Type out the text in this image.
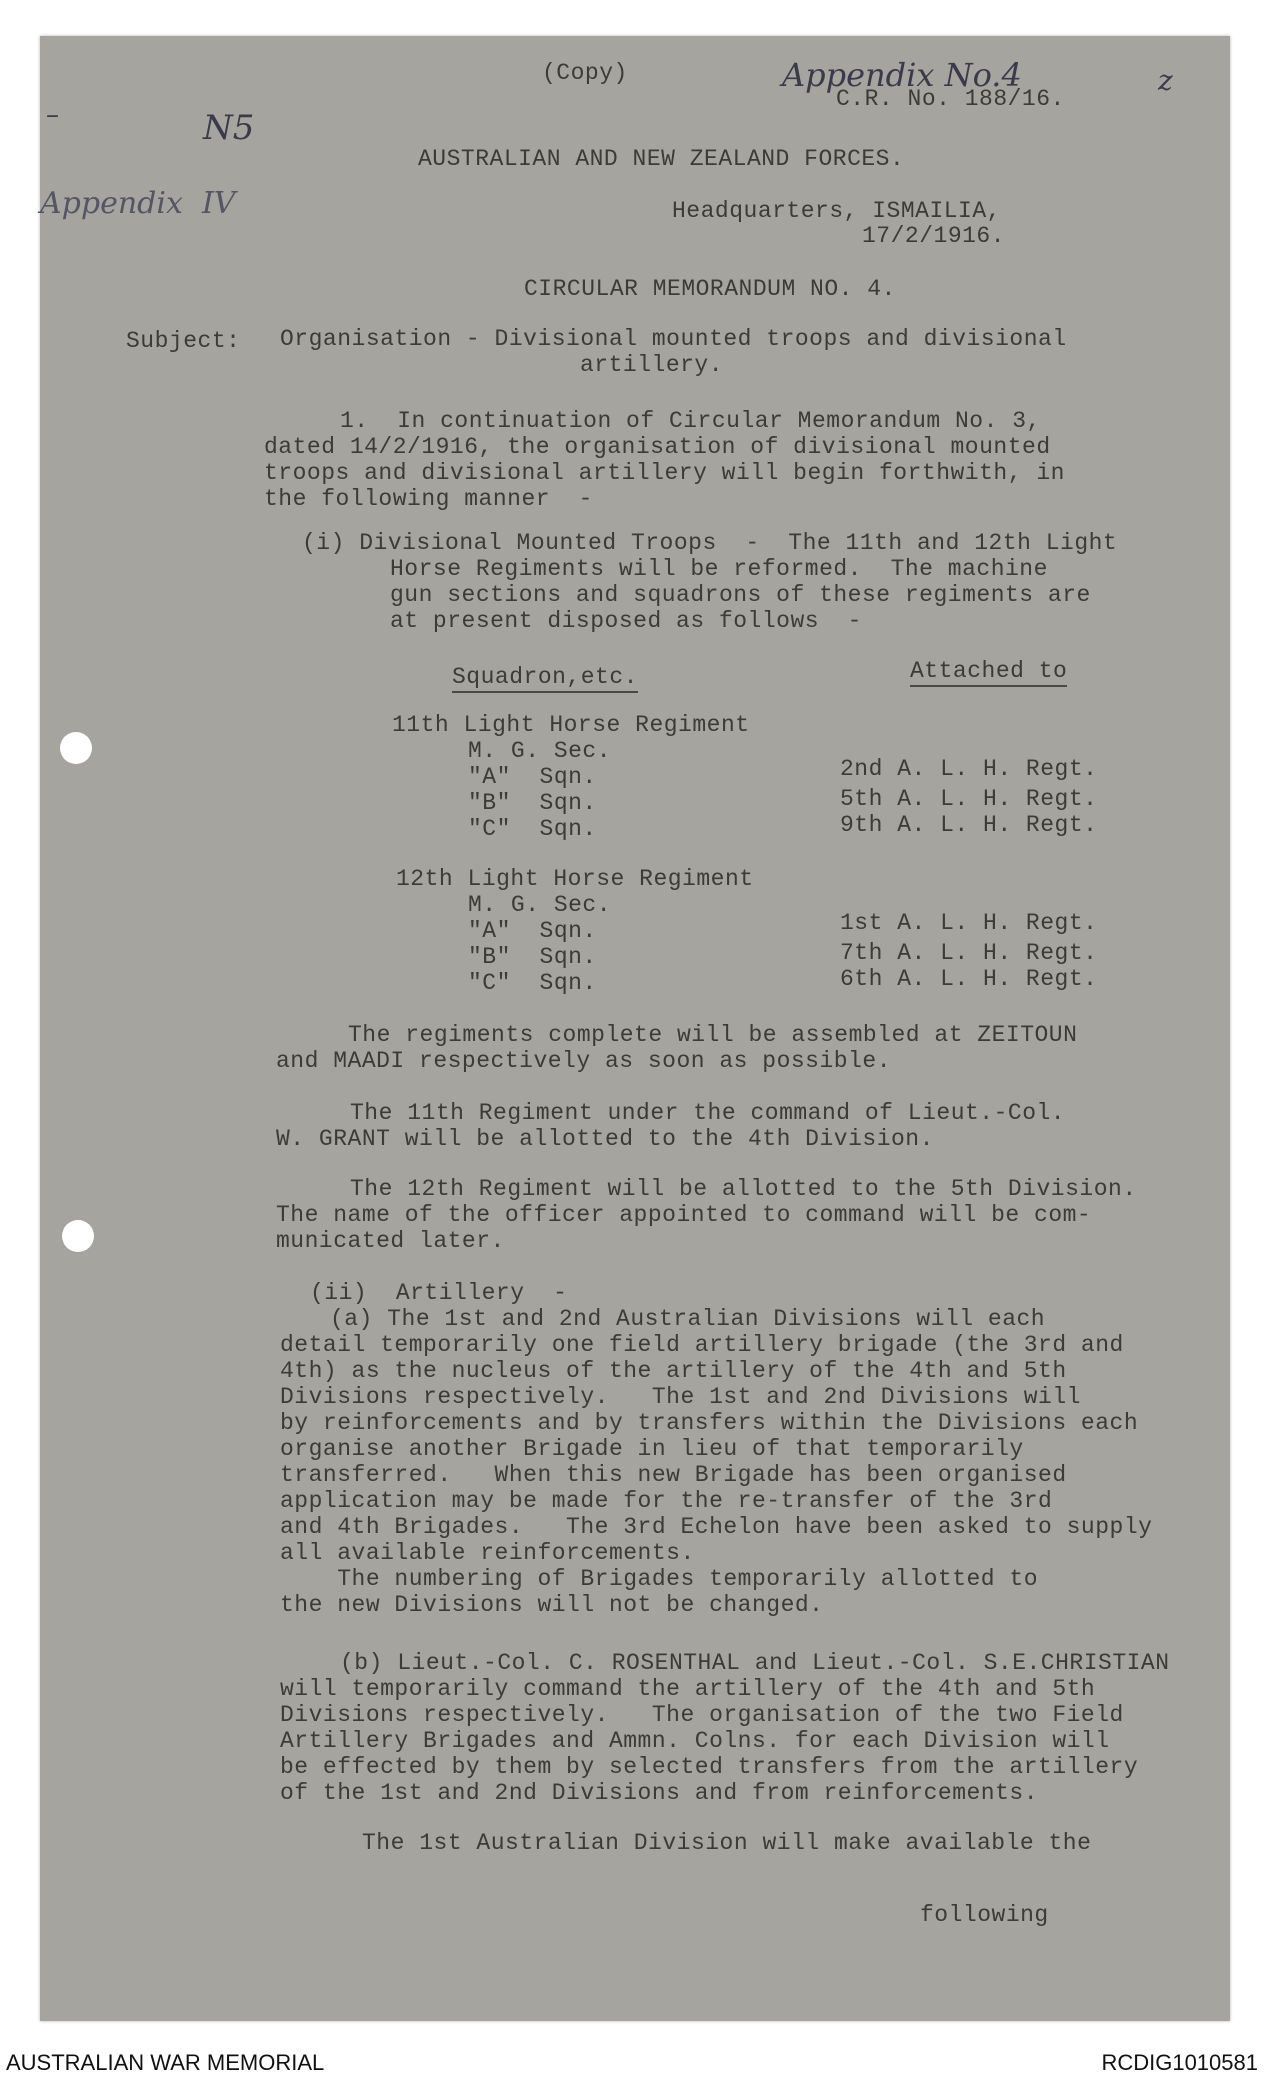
Appendix No.4
N5
Appendix  IV
–
z
(Copy)
C.R. No. 188/16.
AUSTRALIAN AND NEW ZEALAND FORCES.
Headquarters, ISMAILIA,
17/2/1916.
CIRCULAR MEMORANDUM NO. 4.
Subject: Organisation - Divisional mounted troops and divisional
artillery.
1.  In continuation of Circular Memorandum No. 3,
dated 14/2/1916, the organisation of divisional mounted
troops and divisional artillery will begin forthwith, in
the following manner  -
(i) Divisional Mounted Troops  -  The 11th and 12th Light
Horse Regiments will be reformed.  The machine
gun sections and squadrons of these regiments are
at present disposed as follows  -
Squadron,etc.	Attached to
11th Light Horse Regiment
M. G. Sec.
"A"  Sqn.
"B"  Sqn.
"C"  Sqn.
2nd A. L. H. Regt.
5th A. L. H. Regt.
9th A. L. H. Regt.
12th Light Horse Regiment
M. G. Sec.
"A"  Sqn.
"B"  Sqn.
"C"  Sqn.
1st A. L. H. Regt.
7th A. L. H. Regt.
6th A. L. H. Regt.
The regiments complete will be assembled at ZEITOUN
and MAADI respectively as soon as possible.
The 11th Regiment under the command of Lieut.-Col.
W. GRANT will be allotted to the 4th Division.
The 12th Regiment will be allotted to the 5th Division.
The name of the officer appointed to command will be com-
municated later.
(ii)  Artillery  -
(a) The 1st and 2nd Australian Divisions will each
detail temporarily one field artillery brigade (the 3rd and
4th) as the nucleus of the artillery of the 4th and 5th
Divisions respectively.   The 1st and 2nd Divisions will
by reinforcements and by transfers within the Divisions each
organise another Brigade in lieu of that temporarily
transferred.   When this new Brigade has been organised
application may be made for the re-transfer of the 3rd
and 4th Brigades.   The 3rd Echelon have been asked to supply
all available reinforcements.
The numbering of Brigades temporarily allotted to
the new Divisions will not be changed.
(b) Lieut.-Col. C. ROSENTHAL and Lieut.-Col. S.E.CHRISTIAN
will temporarily command the artillery of the 4th and 5th
Divisions respectively.   The organisation of the two Field
Artillery Brigades and Ammn. Colns. for each Division will
be effected by them by selected transfers from the artillery
of the 1st and 2nd Divisions and from reinforcements.
The 1st Australian Division will make available the
following
AUSTRALIAN WAR MEMORIAL	RCDIG1010581
